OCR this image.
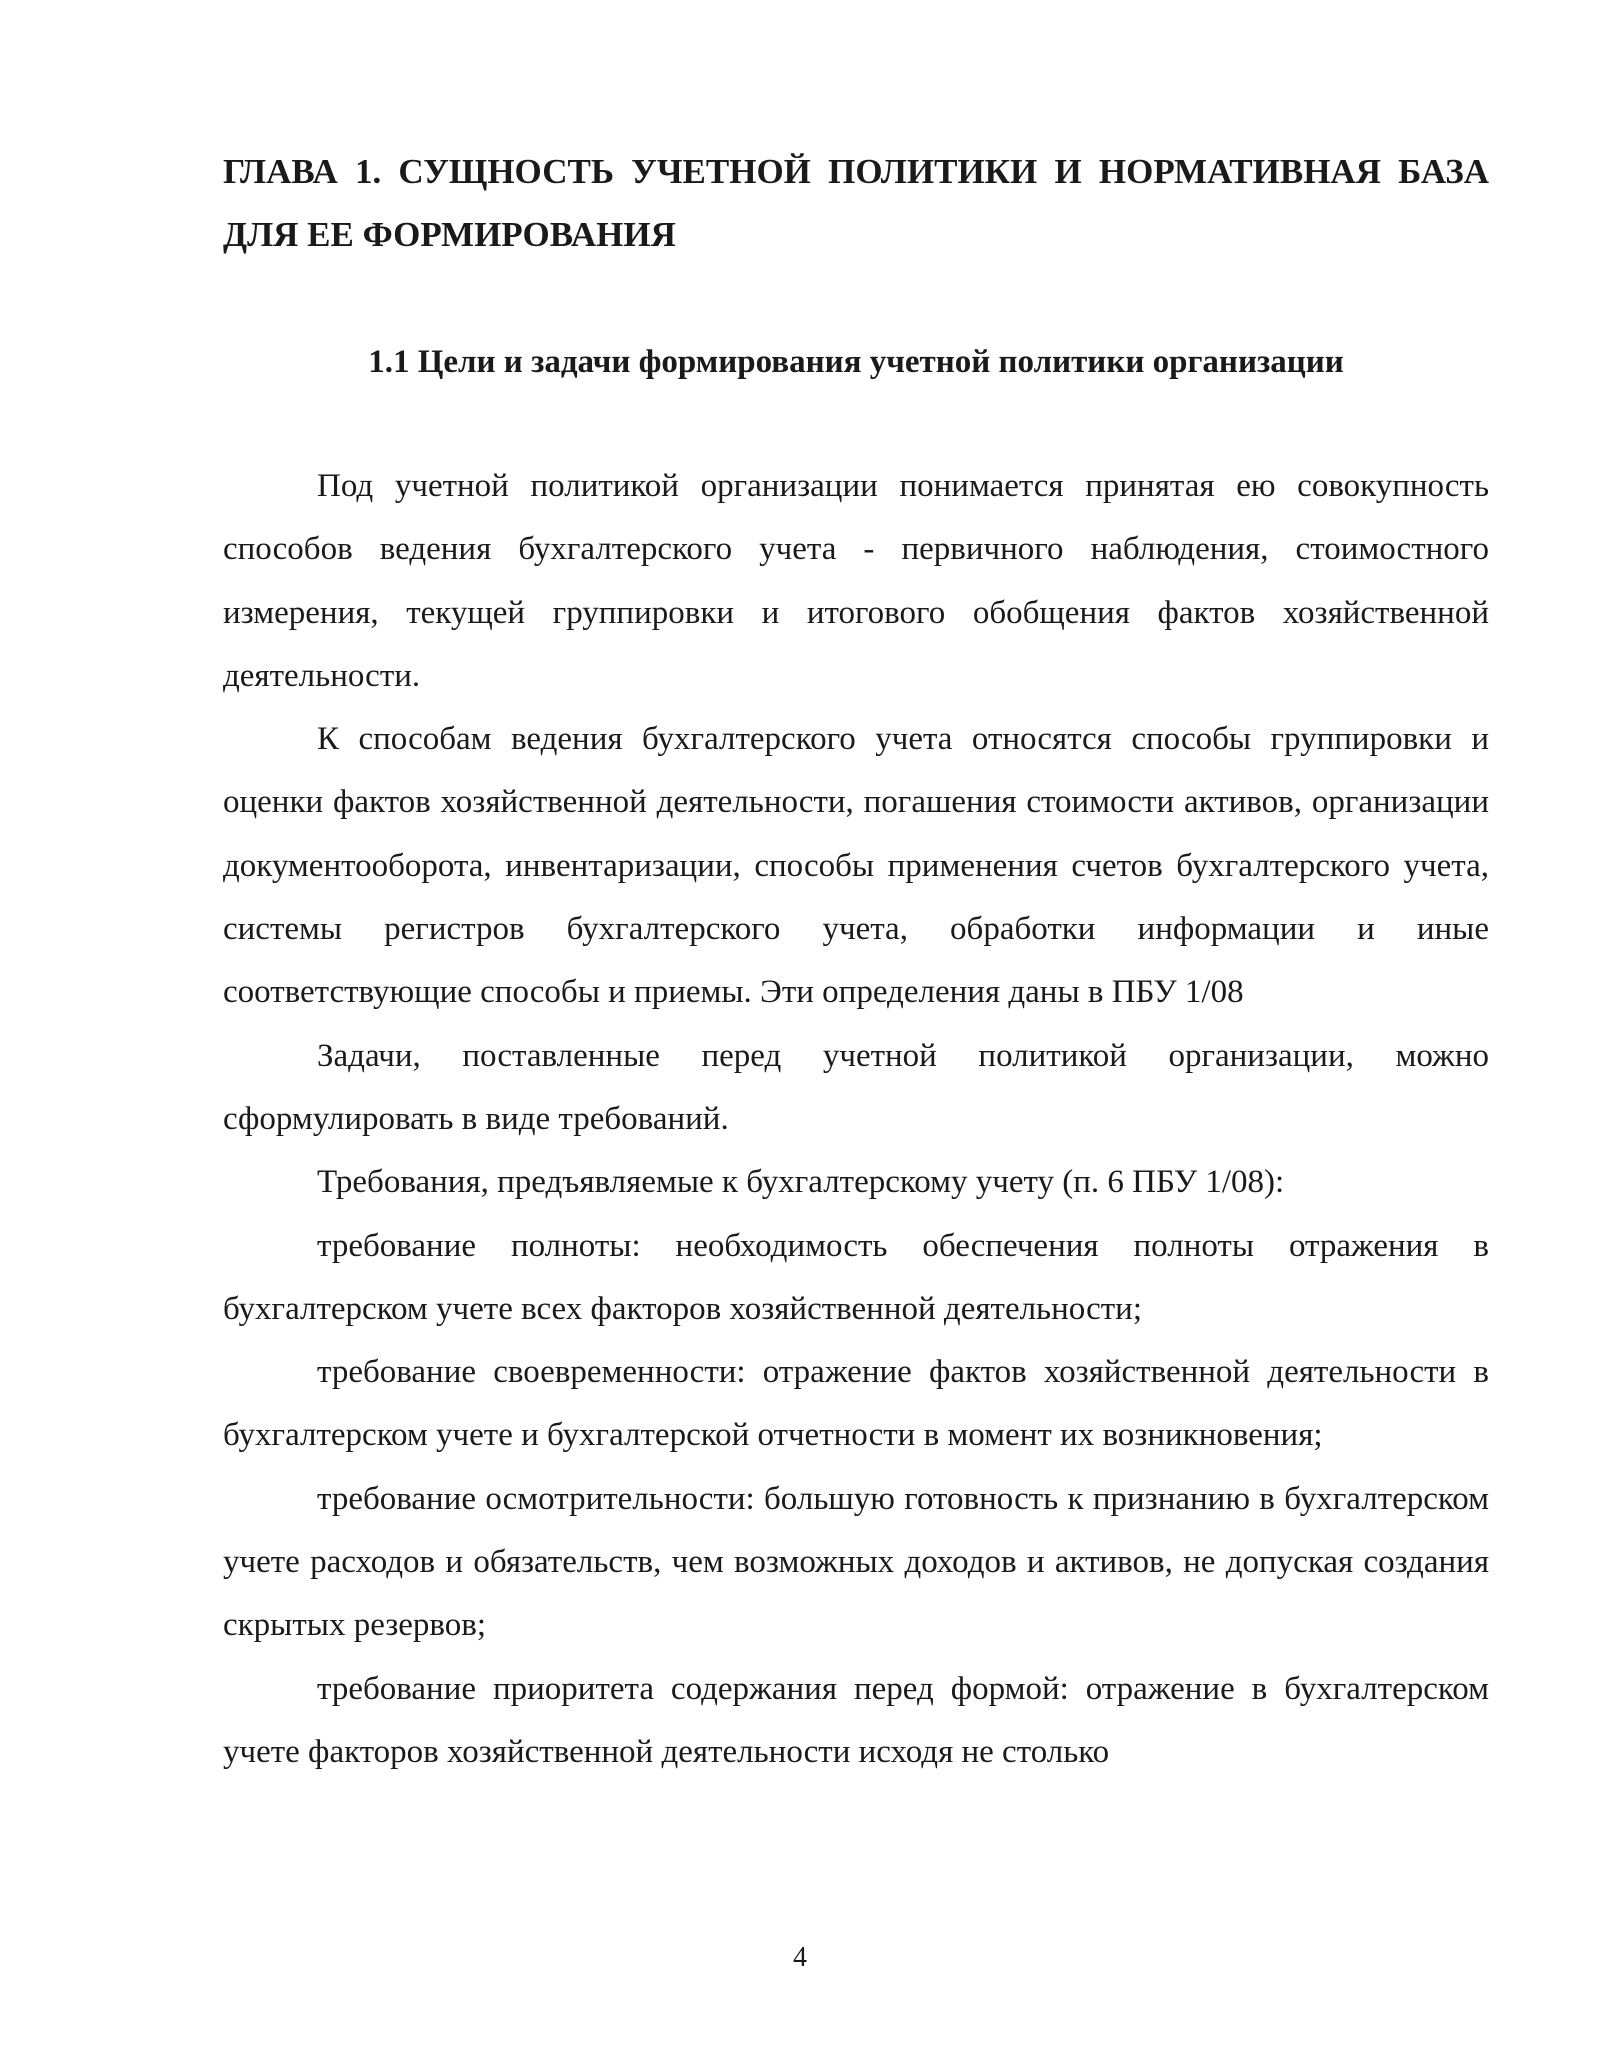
ГЛАВА 1. СУЩНОСТЬ УЧЕТНОЙ ПОЛИТИКИ И НОРМАТИВНАЯ БАЗА ДЛЯ ЕЕ ФОРМИРОВАНИЯ
1.1 Цели и задачи формирования учетной политики организации

Под учетной политикой организации понимается принятая ею совокупность способов ведения бухгалтерского учета - первичного наблюдения, стоимостного измерения, текущей группировки и итогового обобщения фактов хозяйственной деятельности.

К способам ведения бухгалтерского учета относятся способы группировки и оценки фактов хозяйственной деятельности, погашения стоимости активов, организации документооборота, инвентаризации, способы применения счетов бухгалтерского учета, системы регистров бухгалтерского учета, обработки информации и иные соответствующие способы и приемы. Эти определения даны в ПБУ 1/08

Задачи, поставленные перед учетной политикой организации, можно сформулировать в виде требований.

Требования, предъявляемые к бухгалтерскому учету (п. 6 ПБУ 1/08):

требование полноты: необходимость обеспечения полноты отражения в бухгалтерском учете всех факторов хозяйственной деятельности;

требование своевременности: отражение фактов хозяйственной деятельности в бухгалтерском учете и бухгалтерской отчетности в момент их возникновения;

требование осмотрительности: большую готовность к признанию в бухгалтерском учете расходов и обязательств, чем возможных доходов и активов, не допуская создания скрытых резервов;

требование приоритета содержания перед формой: отражение в бухгалтерском учете факторов хозяйственной деятельности исходя не столько

4
